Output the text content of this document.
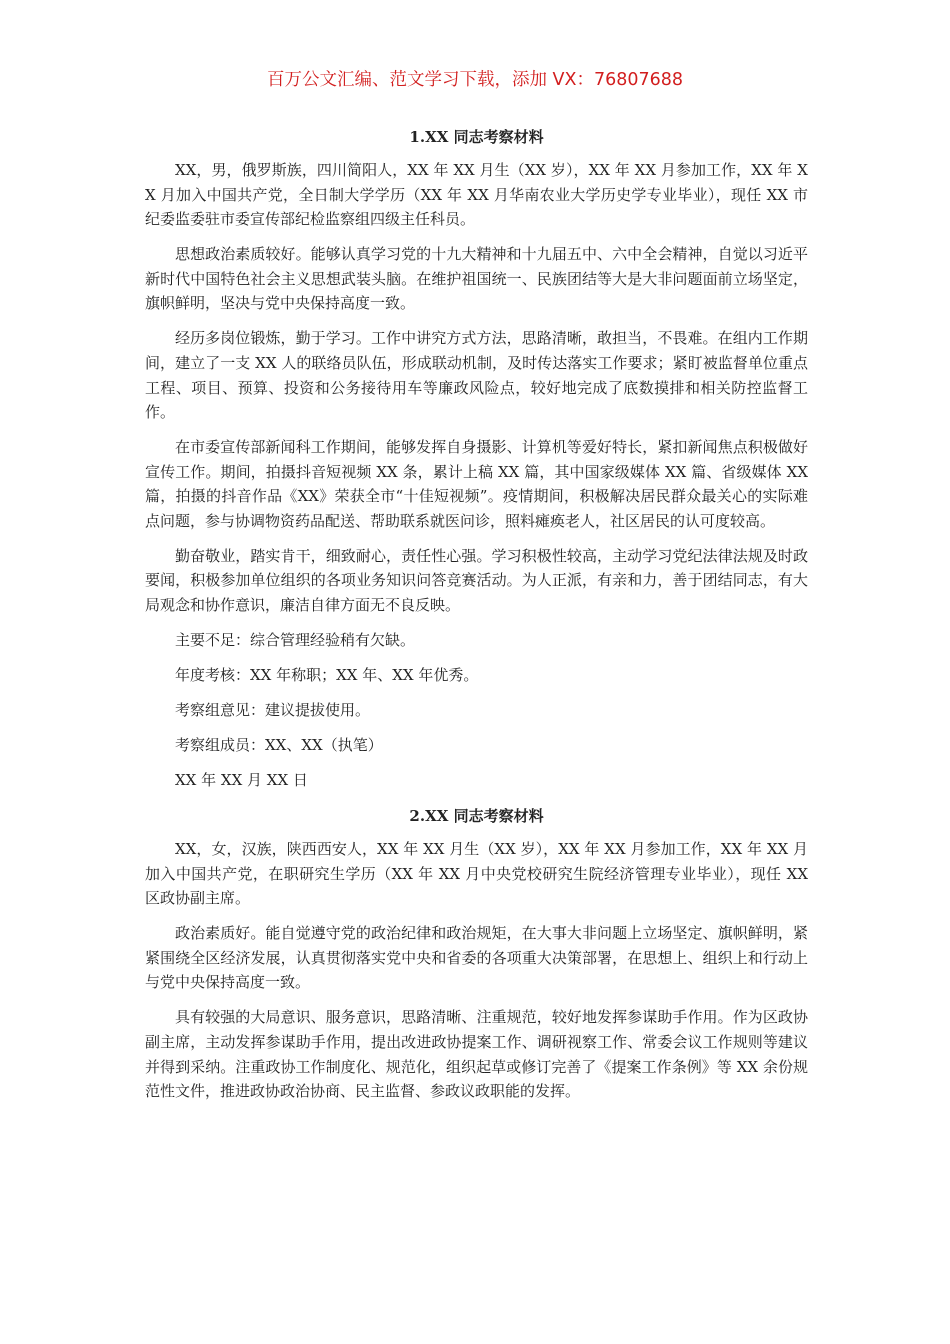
百万公文汇编、范文学习下载，添加 VX：76807688
1.XX 同志考察材料

XX，男，俄罗斯族，四川简阳人，XX 年 XX 月生（XX 岁），XX 年 XX 月参加工作，XX 年 XX 月加入中国共产党，全日制大学学历（XX 年 XX 月华南农业大学历史学专业毕业），现任 XX 市纪委监委驻市委宣传部纪检监察组四级主任科员。

思想政治素质较好。能够认真学习党的十九大精神和十九届五中、六中全会精神，自觉以习近平新时代中国特色社会主义思想武装头脑。在维护祖国统一、民族团结等大是大非问题面前立场坚定，旗帜鲜明，坚决与党中央保持高度一致。

经历多岗位锻炼，勤于学习。工作中讲究方式方法，思路清晰，敢担当，不畏难。在组内工作期间，建立了一支 XX 人的联络员队伍，形成联动机制，及时传达落实工作要求；紧盯被监督单位重点工程、项目、预算、投资和公务接待用车等廉政风险点，较好地完成了底数摸排和相关防控监督工作。

在市委宣传部新闻科工作期间，能够发挥自身摄影、计算机等爱好特长，紧扣新闻焦点积极做好宣传工作。期间，拍摄抖音短视频 XX 条，累计上稿 XX 篇，其中国家级媒体 XX 篇、省级媒体 XX 篇，拍摄的抖音作品《XX》荣获全市“十佳短视频”。疫情期间，积极解决居民群众最关心的实际难点问题，参与协调物资药品配送、帮助联系就医问诊，照料瘫痪老人，社区居民的认可度较高。

勤奋敬业，踏实肯干，细致耐心，责任性心强。学习积极性较高，主动学习党纪法律法规及时政要闻，积极参加单位组织的各项业务知识问答竞赛活动。为人正派，有亲和力，善于团结同志，有大局观念和协作意识，廉洁自律方面无不良反映。

主要不足：综合管理经验稍有欠缺。

年度考核：XX 年称职；XX 年、XX 年优秀。

考察组意见：建议提拔使用。

考察组成员：XX、XX（执笔）

XX 年 XX 月 XX 日

2.XX 同志考察材料

XX，女，汉族，陕西西安人，XX 年 XX 月生（XX 岁），XX 年 XX 月参加工作，XX 年 XX 月加入中国共产党，在职研究生学历（XX 年 XX 月中央党校研究生院经济管理专业毕业），现任 XX 区政协副主席。

政治素质好。能自觉遵守党的政治纪律和政治规矩，在大事大非问题上立场坚定、旗帜鲜明，紧紧围绕全区经济发展，认真贯彻落实党中央和省委的各项重大决策部署，在思想上、组织上和行动上与党中央保持高度一致。

具有较强的大局意识、服务意识，思路清晰、注重规范，较好地发挥参谋助手作用。作为区政协副主席，主动发挥参谋助手作用，提出改进政协提案工作、调研视察工作、常委会议工作规则等建议并得到采纳。注重政协工作制度化、规范化，组织起草或修订完善了《提案工作条例》等 XX 余份规范性文件，推进政协政治协商、民主监督、参政议政职能的发挥。
